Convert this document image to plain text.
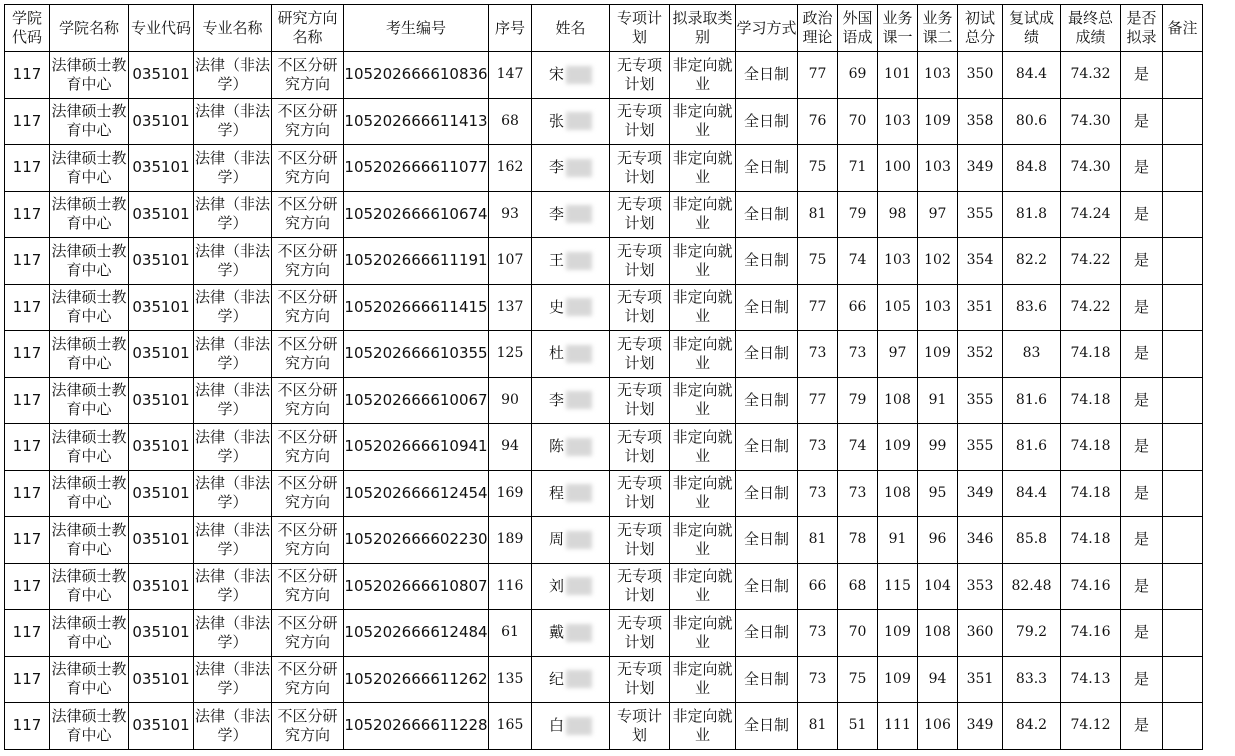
学院代码	学院名称	专业代码	专业名称	研究方向名称	考生编号	序号	姓名	专项计划	拟录取类别	学习方式	政治理论	外国语成	业务课一	业务课二	初试总分	复试成绩	最终总成绩	是否拟录	备注
117	法律硕士教育中心	035101	法律（非法学）	不区分研究方向	105202666610836	147	宋	无专项计划	非定向就业	全日制	77	69	101	103	350	84.4	74.32	是	
117	法律硕士教育中心	035101	法律（非法学）	不区分研究方向	105202666611413	68	张	无专项计划	非定向就业	全日制	76	70	103	109	358	80.6	74.30	是	
117	法律硕士教育中心	035101	法律（非法学）	不区分研究方向	105202666611077	162	李	无专项计划	非定向就业	全日制	75	71	100	103	349	84.8	74.30	是	
117	法律硕士教育中心	035101	法律（非法学）	不区分研究方向	105202666610674	93	李	无专项计划	非定向就业	全日制	81	79	98	97	355	81.8	74.24	是	
117	法律硕士教育中心	035101	法律（非法学）	不区分研究方向	105202666611191	107	王	无专项计划	非定向就业	全日制	75	74	103	102	354	82.2	74.22	是	
117	法律硕士教育中心	035101	法律（非法学）	不区分研究方向	105202666611415	137	史	无专项计划	非定向就业	全日制	77	66	105	103	351	83.6	74.22	是	
117	法律硕士教育中心	035101	法律（非法学）	不区分研究方向	105202666610355	125	杜	无专项计划	非定向就业	全日制	73	73	97	109	352	83	74.18	是	
117	法律硕士教育中心	035101	法律（非法学）	不区分研究方向	105202666610067	90	李	无专项计划	非定向就业	全日制	77	79	108	91	355	81.6	74.18	是	
117	法律硕士教育中心	035101	法律（非法学）	不区分研究方向	105202666610941	94	陈	无专项计划	非定向就业	全日制	73	74	109	99	355	81.6	74.18	是	
117	法律硕士教育中心	035101	法律（非法学）	不区分研究方向	105202666612454	169	程	无专项计划	非定向就业	全日制	73	73	108	95	349	84.4	74.18	是	
117	法律硕士教育中心	035101	法律（非法学）	不区分研究方向	105202666602230	189	周	无专项计划	非定向就业	全日制	81	78	91	96	346	85.8	74.18	是	
117	法律硕士教育中心	035101	法律（非法学）	不区分研究方向	105202666610807	116	刘	无专项计划	非定向就业	全日制	66	68	115	104	353	82.48	74.16	是	
117	法律硕士教育中心	035101	法律（非法学）	不区分研究方向	105202666612484	61	戴	无专项计划	非定向就业	全日制	73	70	109	108	360	79.2	74.16	是	
117	法律硕士教育中心	035101	法律（非法学）	不区分研究方向	105202666611262	135	纪	无专项计划	非定向就业	全日制	73	75	109	94	351	83.3	74.13	是	
117	法律硕士教育中心	035101	法律（非法学）	不区分研究方向	105202666611228	165	白	专项计划	非定向就业	全日制	81	51	111	106	349	84.2	74.12	是	
